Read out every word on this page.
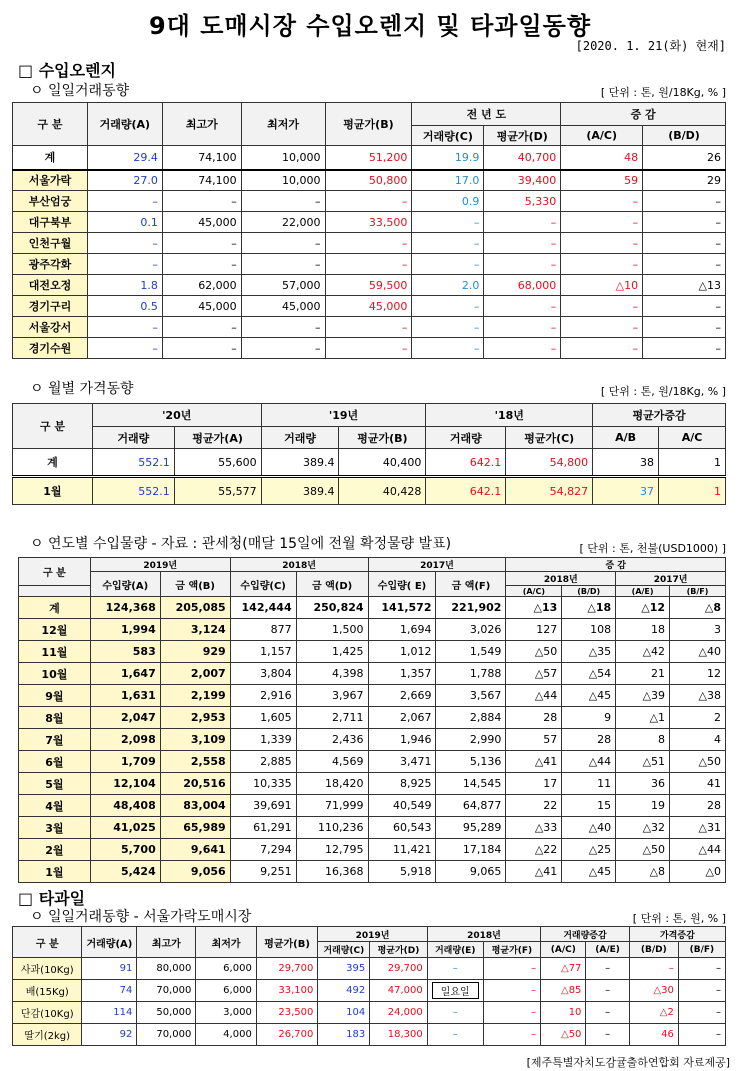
9대 도매시장 수입오렌지 및 타과일동향
[2020. 1. 21(화) 현재]
□ 수입오렌지
ㅇ 일일거래동향	[ 단위 : 톤, 원/18Kg, % ]
구 분	거래량(A)	최고가	최저가	평균가(B)	전 년 도		증 감	
					거래량(C)	평균가(D)	(A/C)	(B/D)
계	29.4	74,100	10,000	51,200	19.9	40,700	48	26
서울가락	27.0	74,100	10,000	50,800	17.0	39,400	59	29
부산엄궁	–	–	–	–	0.9	5,330	–	–
대구북부	0.1	45,000	22,000	33,500	–	–	–	–
인천구월	–	–	–	–	–	–	–	–
광주각화	–	–	–	–	–	–	–	–
대전오정	1.8	62,000	57,000	59,500	2.0	68,000	△10	△13
경기구리	0.5	45,000	45,000	45,000	–	–	–	–
서울강서	–	–	–	–	–	–	–	–
경기수원	–	–	–	–	–	–	–	–
ㅇ 월별 가격동향	[ 단위 : 톤, 원/18Kg, % ]
구 분	'20년		'19년		'18년		평균가증감	
	거래량	평균가(A)	거래량	평균가(B)	거래량	평균가(C)	A/B	A/C
계	552.1	55,600	389.4	40,400	642.1	54,800	38	1
1월	552.1	55,577	389.4	40,428	642.1	54,827	37	1
ㅇ 연도별 수입물량 - 자료 : 관세청(매달 15일에 전월 확정물량 발표)	[ 단위 : 톤, 천불(USD1000) ]
구 분	2019년		2018년		2017년		증 감			
	수입량(A)	금 액(B)	수입량(C)	금 액(D)	수입량( E)	금 액(F)	2018년		2017년	
							(A/C)	(B/D)	(A/E)	(B/F)
계	124,368	205,085	142,444	250,824	141,572	221,902	△13	△18	△12	△8
12월	1,994	3,124	877	1,500	1,694	3,026	127	108	18	3
11월	583	929	1,157	1,425	1,012	1,549	△50	△35	△42	△40
10월	1,647	2,007	3,804	4,398	1,357	1,788	△57	△54	21	12
9월	1,631	2,199	2,916	3,967	2,669	3,567	△44	△45	△39	△38
8월	2,047	2,953	1,605	2,711	2,067	2,884	28	9	△1	2
7월	2,098	3,109	1,339	2,436	1,946	2,990	57	28	8	4
6월	1,709	2,558	2,885	4,569	3,471	5,136	△41	△44	△51	△50
5월	12,104	20,516	10,335	18,420	8,925	14,545	17	11	36	41
4월	48,408	83,004	39,691	71,999	40,549	64,877	22	15	19	28
3월	41,025	65,989	61,291	110,236	60,543	95,289	△33	△40	△32	△31
2월	5,700	9,641	7,294	12,795	11,421	17,184	△22	△25	△50	△44
1월	5,424	9,056	9,251	16,368	5,918	9,065	△41	△45	△8	△0
□ 타과일
ㅇ 일일거래동향 - 서울가락도매시장	[ 단위 : 톤, 원, % ]
구 분	거래량(A)	최고가	최저가	평균가(B)	2019년		2018년		거래량증감		가격증감	
					거래량(C)	평균가(D)	거래량(E)	평균가(F)	(A/C)	(A/E)	(B/D)	(B/F)
사과(10Kg)	91	80,000	6,000	29,700	395	29,700	–	–	△77	–	–	–
배(15Kg)	74	70,000	6,000	33,100	492	47,000	일요일	–	△85	–	△30	–
단감(10Kg)	114	50,000	3,000	23,500	104	24,000	–	–	10	–	△2	–
딸기(2kg)	92	70,000	4,000	26,700	183	18,300	–	–	△50	–	46	–
[제주특별자치도감귤출하연합회 자료제공]
